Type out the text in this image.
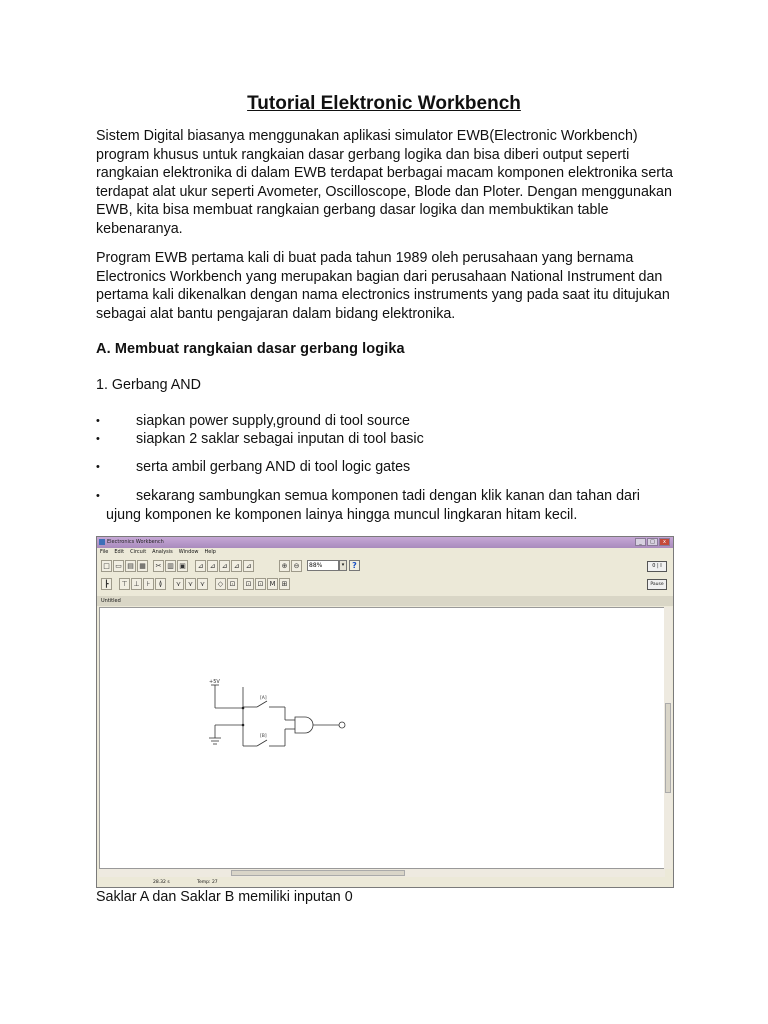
Tutorial Elektronic Workbench

Sistem Digital biasanya menggunakan aplikasi simulator EWB(Electronic Workbench) program khusus untuk rangkaian dasar gerbang logika dan bisa diberi output seperti rangkaian elektronika di dalam EWB terdapat berbagai macam komponen elektronika serta terdapat alat ukur seperti Avometer, Oscilloscope, Blode dan Ploter. Dengan menggunakan EWB, kita bisa membuat rangkaian gerbang dasar logika dan membuktikan table kebenaranya.

Program EWB pertama kali di buat pada tahun 1989 oleh perusahaan yang bernama Electronics Workbench yang merupakan bagian dari perusahaan National Instrument dan pertama kali dikenalkan dengan nama electronics instruments yang pada saat itu ditujukan sebagai alat bantu pengajaran dalam bidang elektronika.

A. Membuat rangkaian dasar gerbang logika

1. Gerbang AND

•	siapkan power supply,ground di tool source
•	siapkan 2 saklar sebagai inputan di tool basic
•	serta ambil gerbang AND di tool logic gates
•	sekarang sambungkan semua komponen tadi dengan klik kanan dan tahan dari
ujung komponen ke komponen lainya hingga muncul lingkaran hitam kecil.
Electronics Workbench	_	□	x
File Edit Circuit Analysis Window Help
□ ▭ ▤ ▦	✂ ▥ ▣	⊿ ⊿ ⊿ ⊿ ⊿	⊕ ⊖	88%	▾ ?	0 | I
┣	⊤ ⊥	⊦	≬	⋎ ⋎ ⋎	◇ ⊡	⊡ ⊡ M ⊞	Pause
Untitled
+5V
[A]
[B]
28.32 s	Temp: 27

Saklar A dan Saklar B memiliki inputan 0
